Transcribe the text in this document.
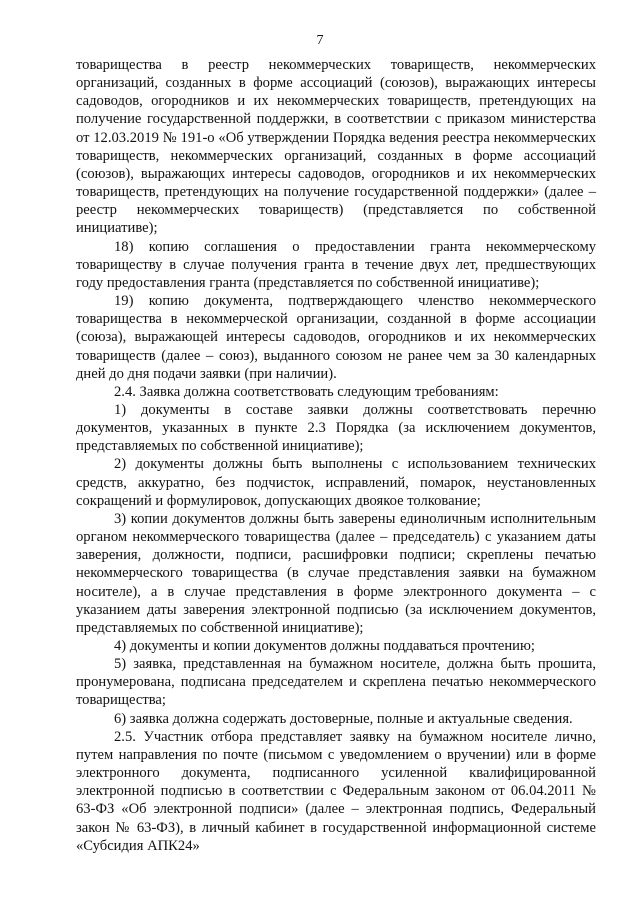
7

товарищества в реестр некоммерческих товариществ, некоммерческих организаций, созданных в форме ассоциаций (союзов), выражающих интересы садоводов, огородников и их некоммерческих товариществ, претендующих на получение государственной поддержки, в соответствии с приказом министерства от 12.03.2019 № 191-о «Об утверждении Порядка ведения реестра некоммерческих товариществ, некоммерческих организаций, созданных в форме ассоциаций (союзов), выражающих интересы садоводов, огородников и их некоммерческих товариществ, претендующих на получение государственной поддержки» (далее – реестр некоммерческих товариществ) (представляется по собственной инициативе);

18) копию соглашения о предоставлении гранта некоммерческому товариществу в случае получения гранта в течение двух лет, предшествующих году предоставления гранта (представляется по собственной инициативе);

19) копию документа, подтверждающего членство некоммерческого товарищества в некоммерческой организации, созданной в форме ассоциации (союза), выражающей интересы садоводов, огородников и их некоммерческих товариществ (далее – союз), выданного союзом не ранее чем за 30 календарных дней до дня подачи заявки (при наличии).

2.4. Заявка должна соответствовать следующим требованиям:

1) документы в составе заявки должны соответствовать перечню документов, указанных в пункте 2.3 Порядка (за исключением документов, представляемых по собственной инициативе);

2) документы должны быть выполнены с использованием технических средств, аккуратно, без подчисток, исправлений, помарок, неустановленных сокращений и формулировок, допускающих двоякое толкование;

3) копии документов должны быть заверены единоличным исполнительным органом некоммерческого товарищества (далее – председатель) с указанием даты заверения, должности, подписи, расшифровки подписи; скреплены печатью некоммерческого товарищества (в случае представления заявки на бумажном носителе), а в случае представления в форме электронного документа – с указанием даты заверения электронной подписью (за исключением документов, представляемых по собственной инициативе);

4) документы и копии документов должны поддаваться прочтению;

5) заявка, представленная на бумажном носителе, должна быть прошита, пронумерована, подписана председателем и скреплена печатью некоммерческого товарищества;

6) заявка должна содержать достоверные, полные и актуальные сведения.

2.5. Участник отбора представляет заявку на бумажном носителе лично, путем направления по почте (письмом с уведомлением о вручении) или в форме электронного документа, подписанного усиленной квалифицированной электронной подписью в соответствии с Федеральным законом от 06.04.2011 № 63-ФЗ «Об электронной подписи» (далее – электронная подпись, Федеральный закон № 63-ФЗ), в личный кабинет в государственной информационной системе «Субсидия АПК24»
